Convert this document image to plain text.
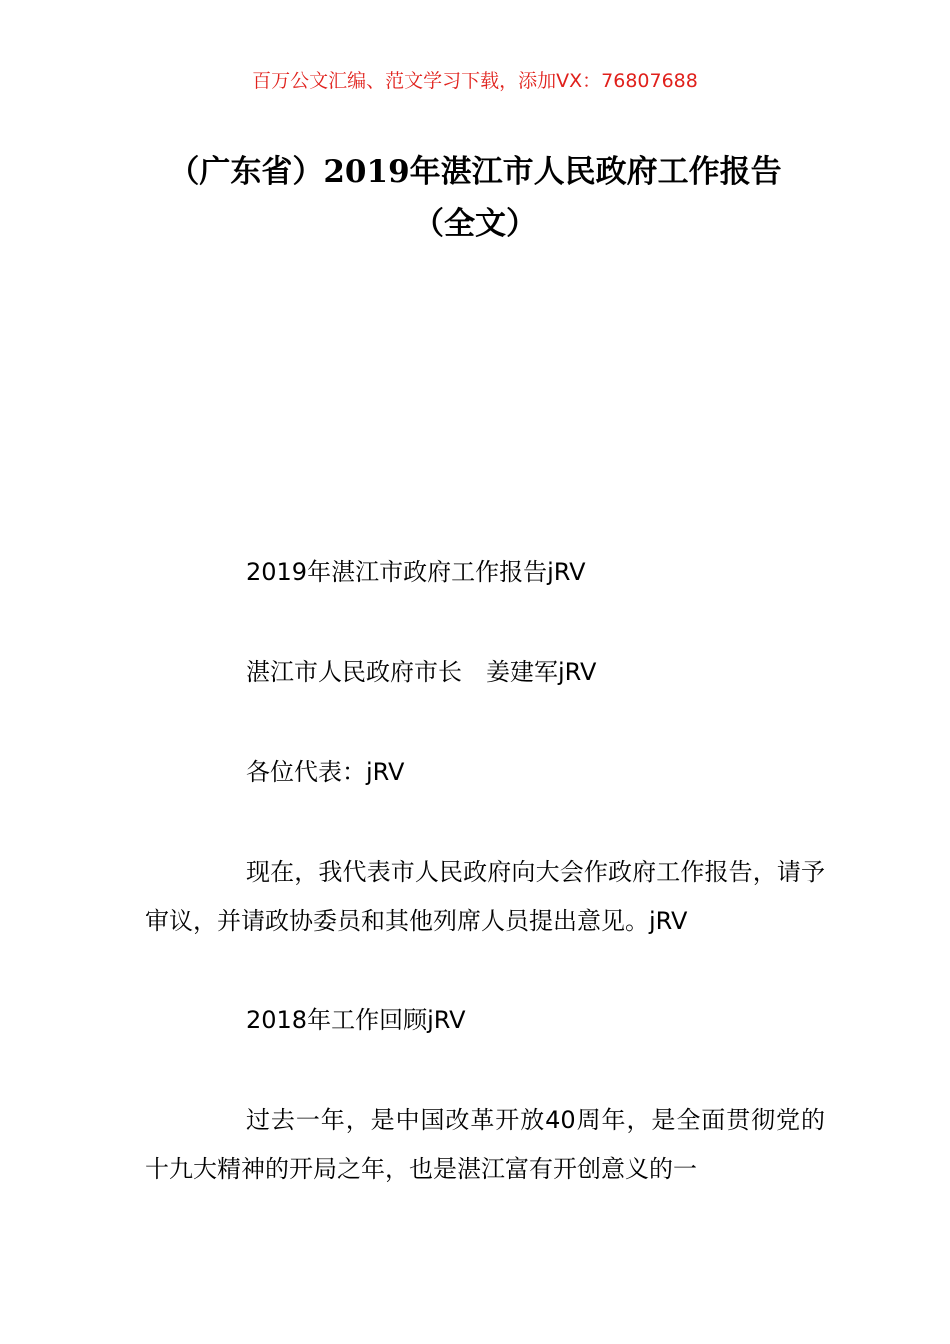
百万公文汇编、范文学习下载，添加VX：76807688
（广东省）2019年湛江市人民政府工作报告（全文）

2019年湛江市政府工作报告jRV

湛江市人民政府市长　姜建军jRV

各位代表：jRV

现在，我代表市人民政府向大会作政府工作报告，请予审议，并请政协委员和其他列席人员提出意见。jRV

2018年工作回顾jRV

过去一年，是中国改革开放40周年，是全面贯彻党的十九大精神的开局之年，也是湛江富有开创意义的一
